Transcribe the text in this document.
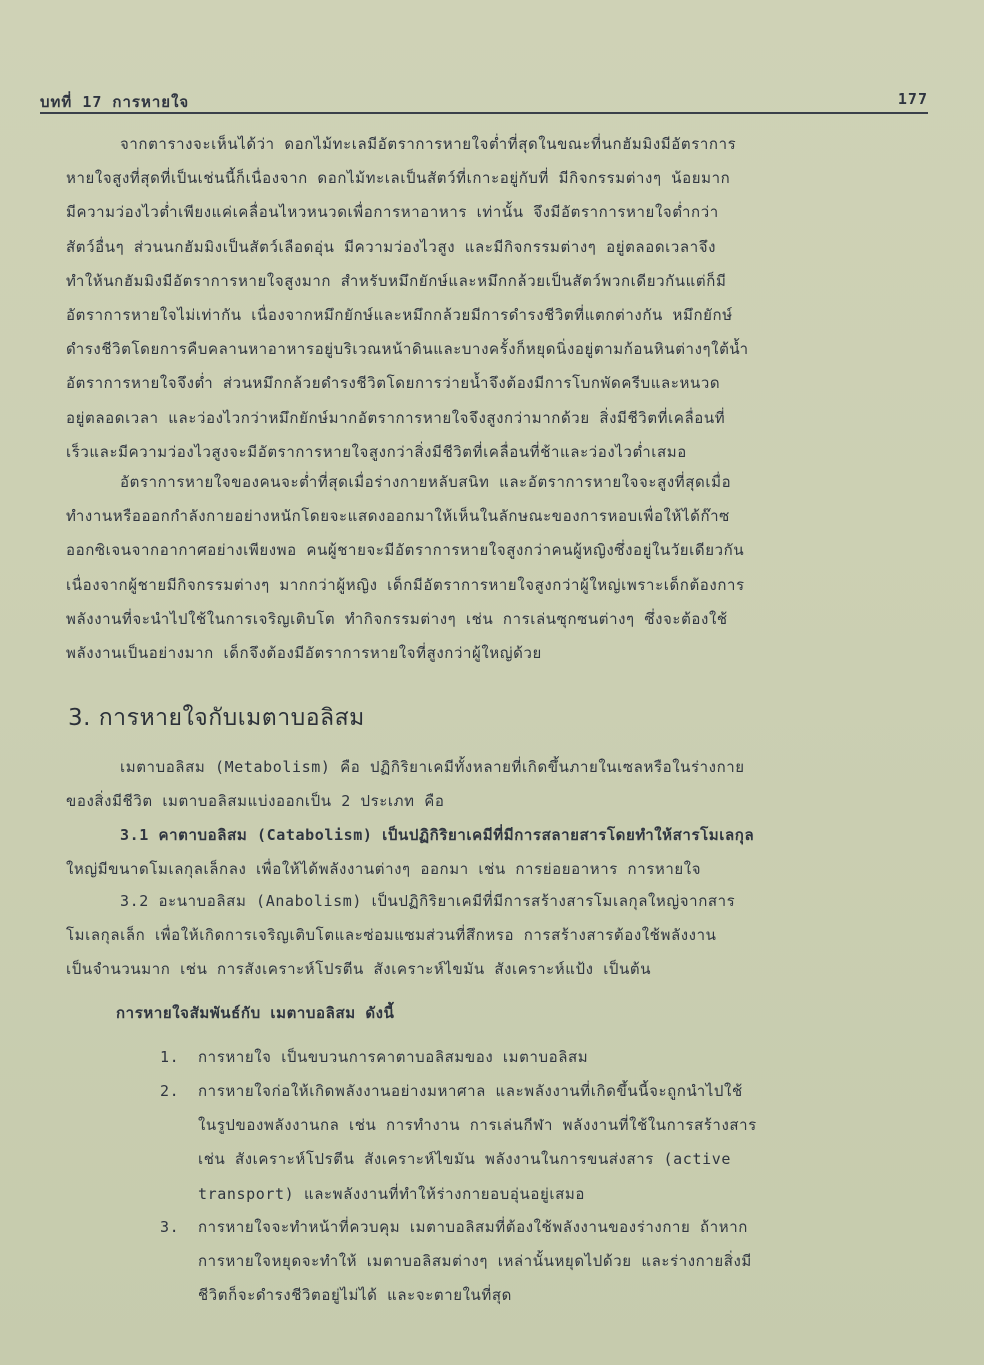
บทที่ 17 การหายใจ	177
จากตารางจะเห็นได้ว่า ดอกไม้ทะเลมีอัตราการหายใจต่ำที่สุดในขณะที่นกฮัมมิงมีอัตราการ
หายใจสูงที่สุดที่เป็นเช่นนี้ก็เนื่องจาก ดอกไม้ทะเลเป็นสัตว์ที่เกาะอยู่กับที่ มีกิจกรรมต่างๆ น้อยมาก
มีความว่องไวต่ำเพียงแค่เคลื่อนไหวหนวดเพื่อการหาอาหาร เท่านั้น จึงมีอัตราการหายใจต่ำกว่า
สัตว์อื่นๆ ส่วนนกฮัมมิงเป็นสัตว์เลือดอุ่น มีความว่องไวสูง และมีกิจกรรมต่างๆ อยู่ตลอดเวลาจึง
ทำให้นกฮัมมิงมีอัตราการหายใจสูงมาก สำหรับหมึกยักษ์และหมึกกล้วยเป็นสัตว์พวกเดียวกันแต่ก็มี
อัตราการหายใจไม่เท่ากัน เนื่องจากหมึกยักษ์และหมึกกล้วยมีการดำรงชีวิตที่แตกต่างกัน หมึกยักษ์
ดำรงชีวิตโดยการคืบคลานหาอาหารอยู่บริเวณหน้าดินและบางครั้งก็หยุดนิ่งอยู่ตามก้อนหินต่างๆใต้น้ำ
อัตราการหายใจจึงต่ำ ส่วนหมึกกล้วยดำรงชีวิตโดยการว่ายน้ำจึงต้องมีการโบกพัดครีบและหนวด
อยู่ตลอดเวลา และว่องไวกว่าหมึกยักษ์มากอัตราการหายใจจึงสูงกว่ามากด้วย สิ่งมีชีวิตที่เคลื่อนที่
เร็วและมีความว่องไวสูงจะมีอัตราการหายใจสูงกว่าสิ่งมีชีวิตที่เคลื่อนที่ช้าและว่องไวต่ำเสมอ
อัตราการหายใจของคนจะต่ำที่สุดเมื่อร่างกายหลับสนิท และอัตราการหายใจจะสูงที่สุดเมื่อ
ทำงานหรือออกกำลังกายอย่างหนักโดยจะแสดงออกมาให้เห็นในลักษณะของการหอบเพื่อให้ได้ก๊าซ
ออกซิเจนจากอากาศอย่างเพียงพอ คนผู้ชายจะมีอัตราการหายใจสูงกว่าคนผู้หญิงซึ่งอยู่ในวัยเดียวกัน
เนื่องจากผู้ชายมีกิจกรรมต่างๆ มากกว่าผู้หญิง เด็กมีอัตราการหายใจสูงกว่าผู้ใหญ่เพราะเด็กต้องการ
พลังงานที่จะนำไปใช้ในการเจริญเติบโต ทำกิจกรรมต่างๆ เช่น การเล่นซุกซนต่างๆ ซึ่งจะต้องใช้
พลังงานเป็นอย่างมาก เด็กจึงต้องมีอัตราการหายใจที่สูงกว่าผู้ใหญ่ด้วย
3. การหายใจกับเมตาบอลิสม
เมตาบอลิสม (Metabolism) คือ ปฏิกิริยาเคมีทั้งหลายที่เกิดขึ้นภายในเซลหรือในร่างกาย
ของสิ่งมีชีวิต เมตาบอลิสมแบ่งออกเป็น 2 ประเภท คือ
3.1 คาตาบอลิสม (Catabolism) เป็นปฏิกิริยาเคมีที่มีการสลายสารโดยทำให้สารโมเลกุล
ใหญ่มีขนาดโมเลกุลเล็กลง เพื่อให้ได้พลังงานต่างๆ ออกมา เช่น การย่อยอาหาร การหายใจ
3.2 อะนาบอลิสม (Anabolism) เป็นปฏิกิริยาเคมีที่มีการสร้างสารโมเลกุลใหญ่จากสาร
โมเลกุลเล็ก เพื่อให้เกิดการเจริญเติบโตและซ่อมแซมส่วนที่สึกหรอ การสร้างสารต้องใช้พลังงาน
เป็นจำนวนมาก เช่น การสังเคราะห์โปรตีน สังเคราะห์ไขมัน สังเคราะห์แป้ง เป็นต้น
การหายใจสัมพันธ์กับ เมตาบอลิสม ดังนี้
1.	การหายใจ เป็นขบวนการคาตาบอลิสมของ เมตาบอลิสม
2.	การหายใจก่อให้เกิดพลังงานอย่างมหาศาล และพลังงานที่เกิดขึ้นนี้จะถูกนำไปใช้
ในรูปของพลังงานกล เช่น การทำงาน การเล่นกีฬา พลังงานที่ใช้ในการสร้างสาร
เช่น สังเคราะห์โปรตีน สังเคราะห์ไขมัน พลังงานในการขนส่งสาร (active
transport) และพลังงานที่ทำให้ร่างกายอบอุ่นอยู่เสมอ
3.	การหายใจจะทำหน้าที่ควบคุม เมตาบอลิสมที่ต้องใช้พลังงานของร่างกาย ถ้าหาก
การหายใจหยุดจะทำให้ เมตาบอลิสมต่างๆ เหล่านั้นหยุดไปด้วย และร่างกายสิ่งมี
ชีวิตก็จะดำรงชีวิตอยู่ไม่ได้ และจะตายในที่สุด
